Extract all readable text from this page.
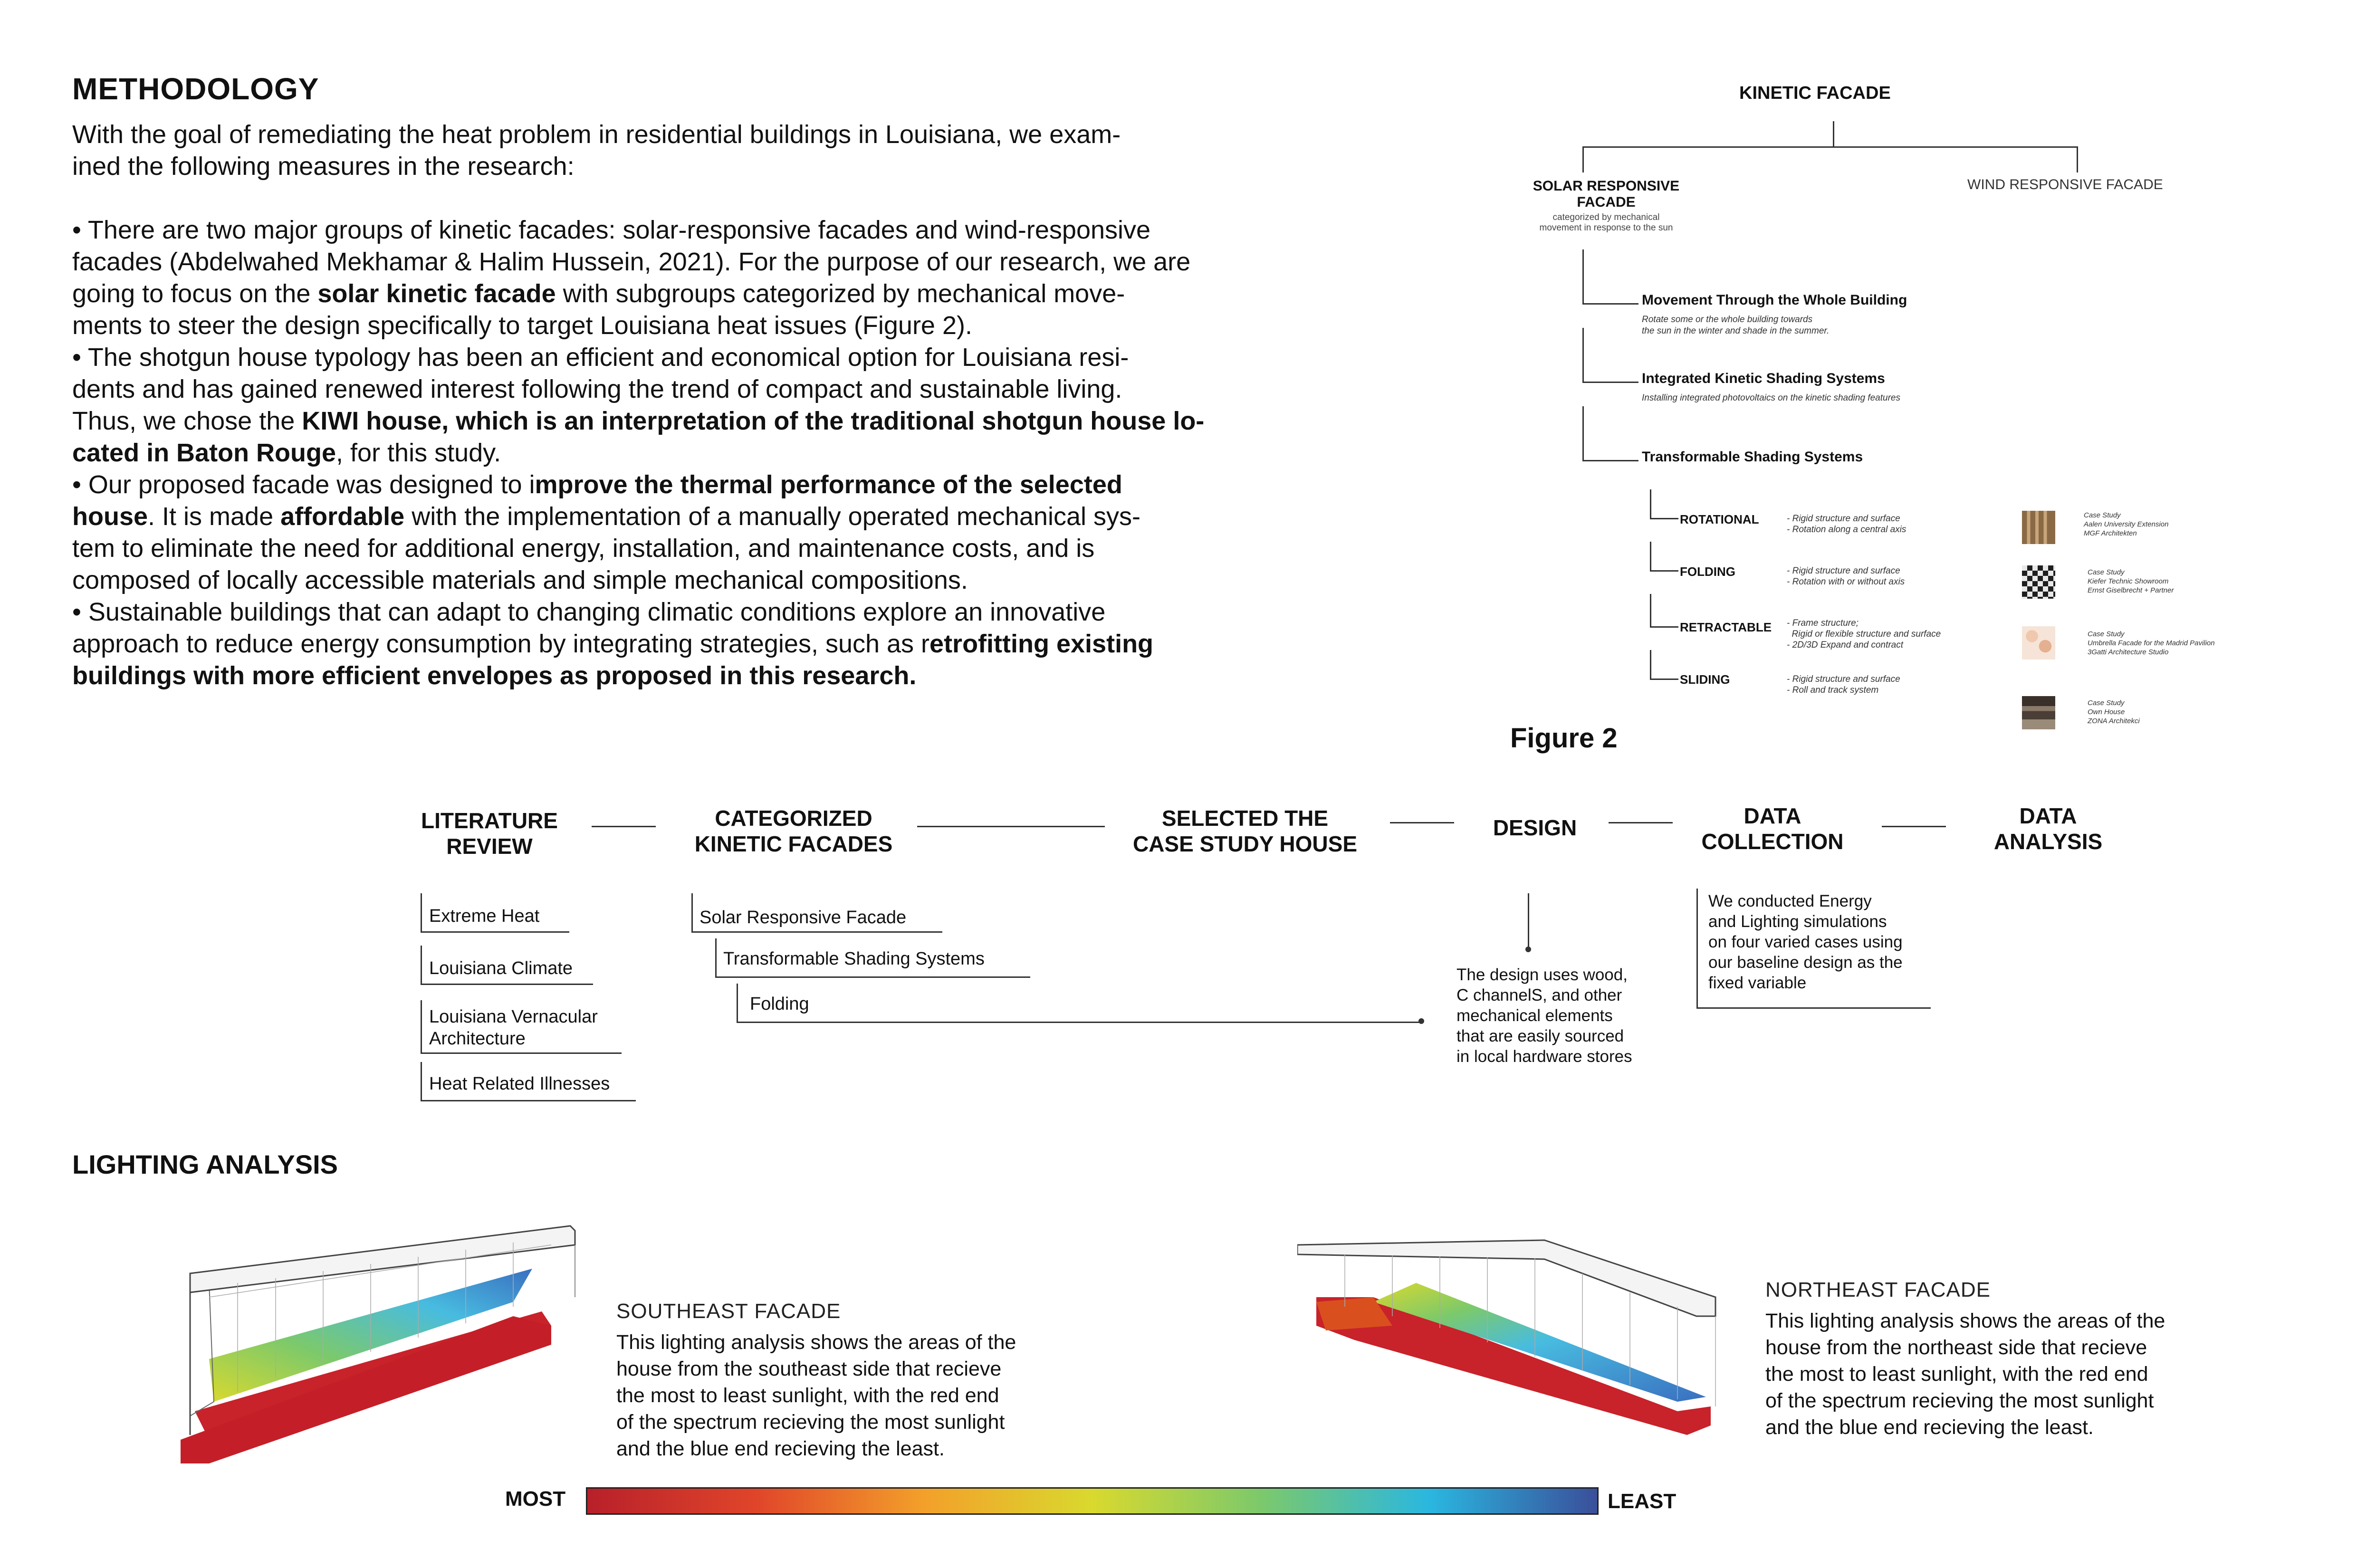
METHODOLOGY

With the goal of remediating the heat problem in residential buildings in Louisiana, we exam-

ined the following measures in the research:

• There are two major groups of kinetic facades: solar-responsive facades and wind-responsive

facades (Abdelwahed Mekhamar & Halim Hussein, 2021). For the purpose of our research, we are

going to focus on the solar kinetic facade with subgroups categorized by mechanical move-

ments to steer the design specifically to target Louisiana heat issues (Figure 2).

• The shotgun house typology has been an efficient and economical option for Louisiana resi-

dents and has gained renewed interest following the trend of compact and sustainable living.

Thus, we chose the KIWI house, which is an interpretation of the traditional shotgun house lo-

cated in Baton Rouge, for this study.

• Our proposed facade was designed to improve the thermal performance of the selected

house. It is made affordable with the implementation of a manually operated mechanical sys-

tem to eliminate the need for additional energy, installation, and maintenance costs, and is

composed of locally accessible materials and simple mechanical compositions.

• Sustainable buildings that can adapt to changing climatic conditions explore an innovative

approach to reduce energy consumption by integrating strategies, such as retrofitting existing

buildings with more efficient envelopes as proposed in this research.

KINETIC FACADE
SOLAR RESPONSIVE
FACADE
categorized by mechanical
movement in response to the sun
WIND RESPONSIVE FACADE
Movement Through the Whole Building
Rotate some or the whole building towards
the sun in the winter and shade in the summer.
Integrated Kinetic Shading Systems
Installing integrated photovoltaics on the kinetic shading features
Transformable Shading Systems
ROTATIONAL	- Rigid structure and surface
- Rotation along a central axis
Case Study
Aalen University Extension
MGF Architekten
FOLDING	- Rigid structure and surface
- Rotation with or without axis
Case Study
Kiefer Technic Showroom
Ernst Giselbrecht + Partner
RETRACTABLE - Frame structure;
Rigid or flexible structure and surface
- 2D/3D Expand and contract
Case Study
Umbrella Facade for the Madrid Pavilion
3Gatti Architecture Studio
SLIDING	- Rigid structure and surface
- Roll and track system
Case Study
Own House
ZONA Architekci
Figure 2
LITERATURE
REVIEW
CATEGORIZED
KINETIC FACADES
SELECTED THE
CASE STUDY HOUSE
DESIGN	DATA
COLLECTION
DATA
ANALYSIS
Extreme Heat
Louisiana Climate
Louisiana Vernacular
Architecture
Heat Related Illnesses
Solar Responsive Facade
Transformable Shading Systems
Folding
The design uses wood,
C channelS, and other
mechanical elements
that are easily sourced
in local hardware stores
We conducted Energy
and Lighting simulations
on four varied cases using
our baseline design as the
fixed variable
LIGHTING ANALYSIS
SOUTHEAST FACADE
This lighting analysis shows the areas of the
house from the southeast side that recieve
the most to least sunlight, with the red end
of the spectrum recieving the most sunlight
and the blue end recieving the least.
NORTHEAST FACADE
This lighting analysis shows the areas of the
house from the northeast side that recieve
the most to least sunlight, with the red end
of the spectrum recieving the most sunlight
and the blue end recieving the least.
MOST	LEAST
